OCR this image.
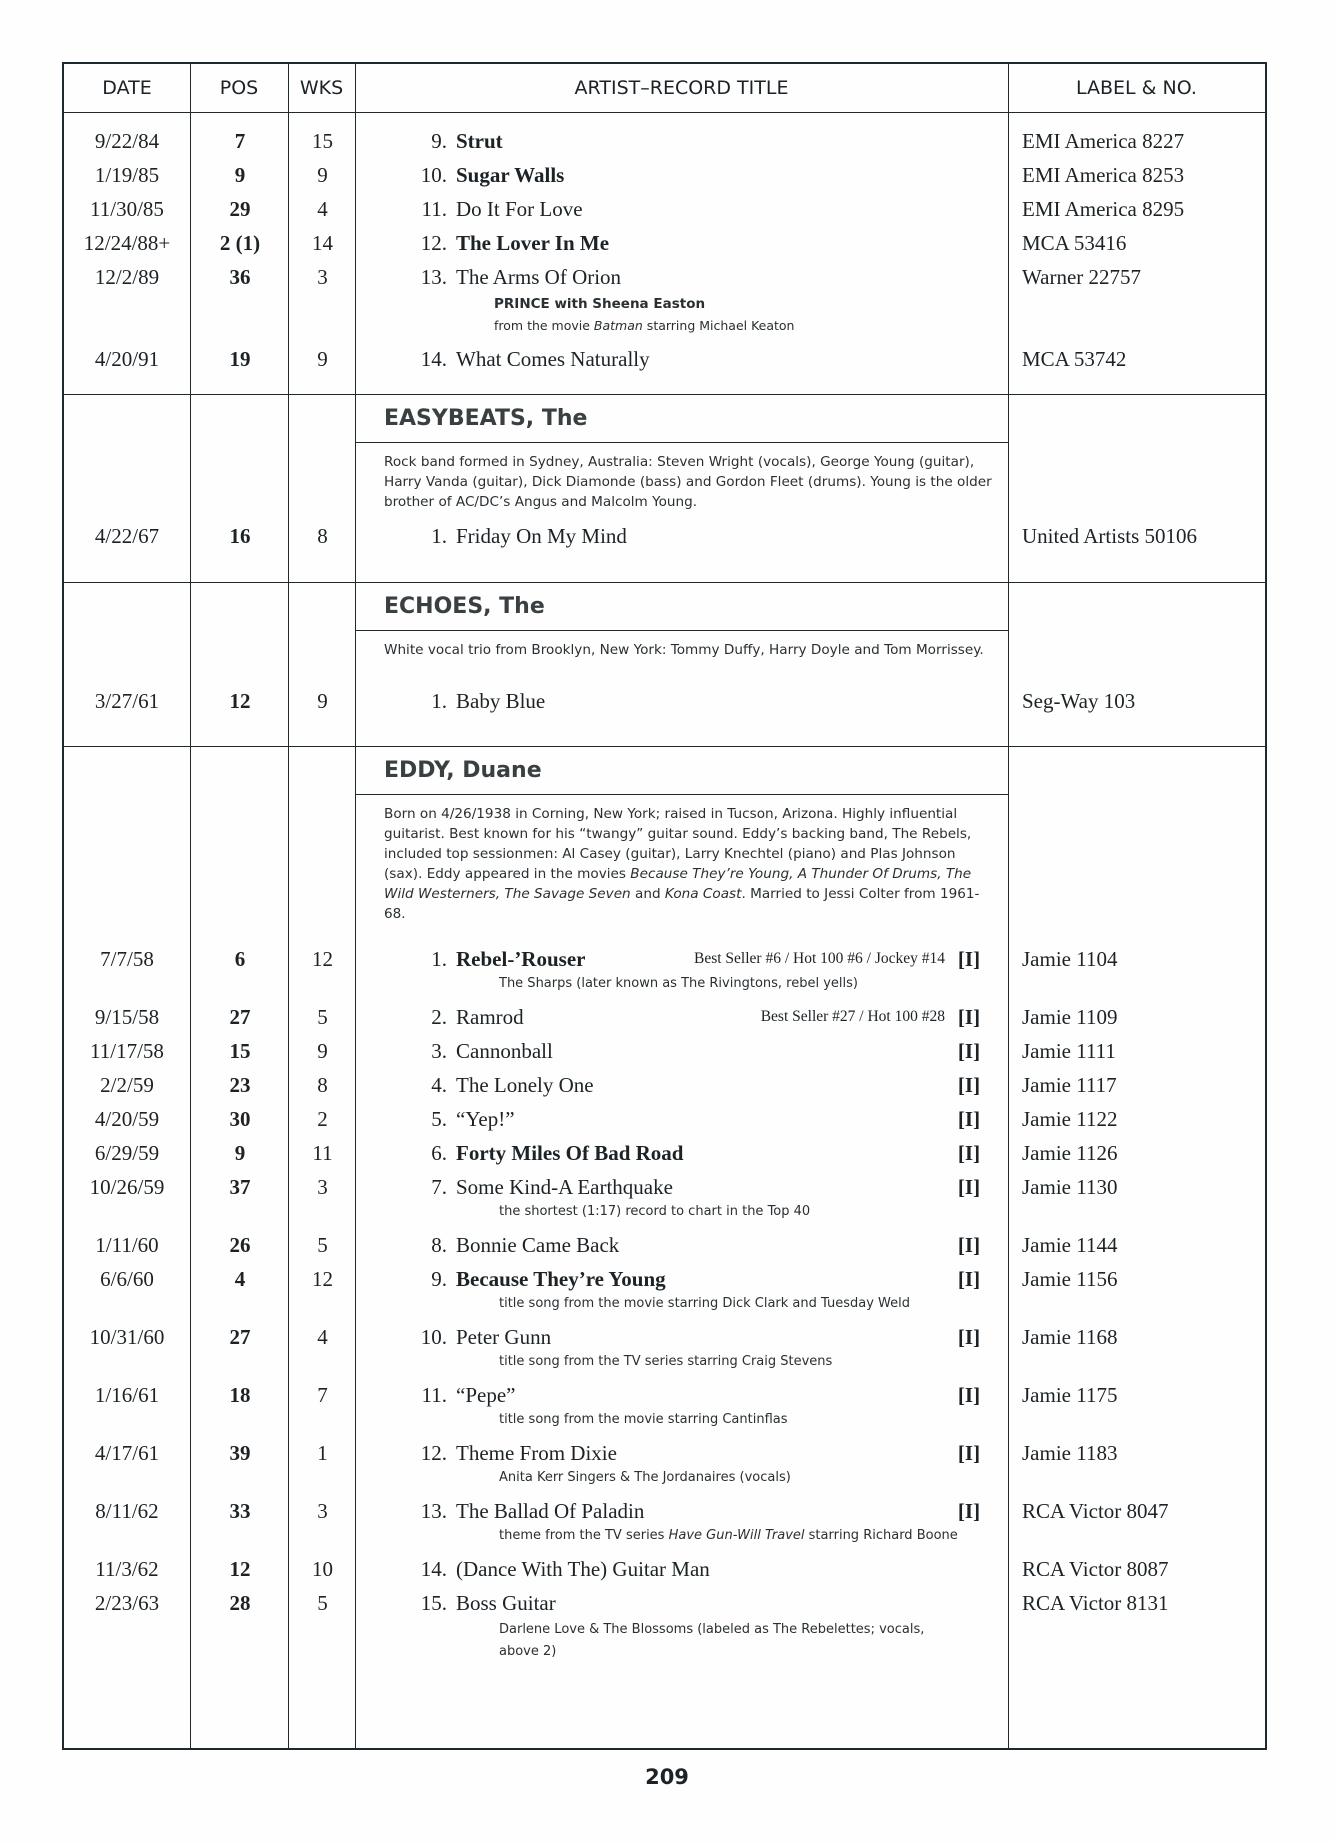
DATE	POS	WKS	ARTIST–RECORD TITLE	LABEL & NO.
9/22/84	7	15	9. Strut	EMI America 8227
1/19/85	9	9	10. Sugar Walls	EMI America 8253
11/30/85	29	4	11. Do It For Love	EMI America 8295
12/24/88+	2 (1)	14	12. The Lover In Me	MCA 53416
12/2/89	36	3	13. The Arms Of Orion	Warner 22757
PRINCE with Sheena Easton
from the movie Batman starring Michael Keaton
4/20/91	19	9	14. What Comes Naturally	MCA 53742
EASYBEATS, The
Rock band formed in Sydney, Australia: Steven Wright (vocals), George Young (guitar), Harry Vanda (guitar), Dick Diamonde (bass) and Gordon Fleet (drums). Young is the older brother of AC/DC’s Angus and Malcolm Young.
4/22/67	16	8	1. Friday On My Mind	United Artists 50106
ECHOES, The
White vocal trio from Brooklyn, New York: Tommy Duffy, Harry Doyle and Tom Morrissey.
3/27/61	12	9	1. Baby Blue	Seg-Way 103
EDDY, Duane
Born on 4/26/1938 in Corning, New York; raised in Tucson, Arizona. Highly influential guitarist. Best known for his “twangy” guitar sound. Eddy’s backing band, The Rebels, included top sessionmen: Al Casey (guitar), Larry Knechtel (piano) and Plas Johnson (sax). Eddy appeared in the movies Because They’re Young, A Thunder Of Drums, The Wild Westerners, The Savage Seven and Kona Coast. Married to Jessi Colter from 1961-68.
7/7/58	6	12	1. Rebel-’Rouser	Best Seller #6 / Hot 100 #6 / Jockey #14 [I]	Jamie 1104
The Sharps (later known as The Rivingtons, rebel yells)
9/15/58	27	5	2. Ramrod	Best Seller #27 / Hot 100 #28 [I]	Jamie 1109
11/17/58	15	9	3. Cannonball	[I]	Jamie 1111
2/2/59	23	8	4. The Lonely One	[I]	Jamie 1117
4/20/59	30	2	5. “Yep!”	[I]	Jamie 1122
6/29/59	9	11	6. Forty Miles Of Bad Road	[I]	Jamie 1126
10/26/59	37	3	7. Some Kind-A Earthquake	[I]	Jamie 1130
the shortest (1:17) record to chart in the Top 40
1/11/60	26	5	8. Bonnie Came Back	[I]	Jamie 1144
6/6/60	4	12	9. Because They’re Young	[I]	Jamie 1156
title song from the movie starring Dick Clark and Tuesday Weld
10/31/60	27	4	10. Peter Gunn	[I]	Jamie 1168
title song from the TV series starring Craig Stevens
1/16/61	18	7	11. “Pepe”	[I]	Jamie 1175
title song from the movie starring Cantinflas
4/17/61	39	1	12. Theme From Dixie	[I]	Jamie 1183
Anita Kerr Singers & The Jordanaires (vocals)
8/11/62	33	3	13. The Ballad Of Paladin	[I]	RCA Victor 8047
theme from the TV series Have Gun-Will Travel starring Richard Boone
11/3/62	12	10	14. (Dance With The) Guitar Man	RCA Victor 8087
2/23/63	28	5	15. Boss Guitar	RCA Victor 8131
Darlene Love & The Blossoms (labeled as The Rebelettes; vocals,
above 2)
209
